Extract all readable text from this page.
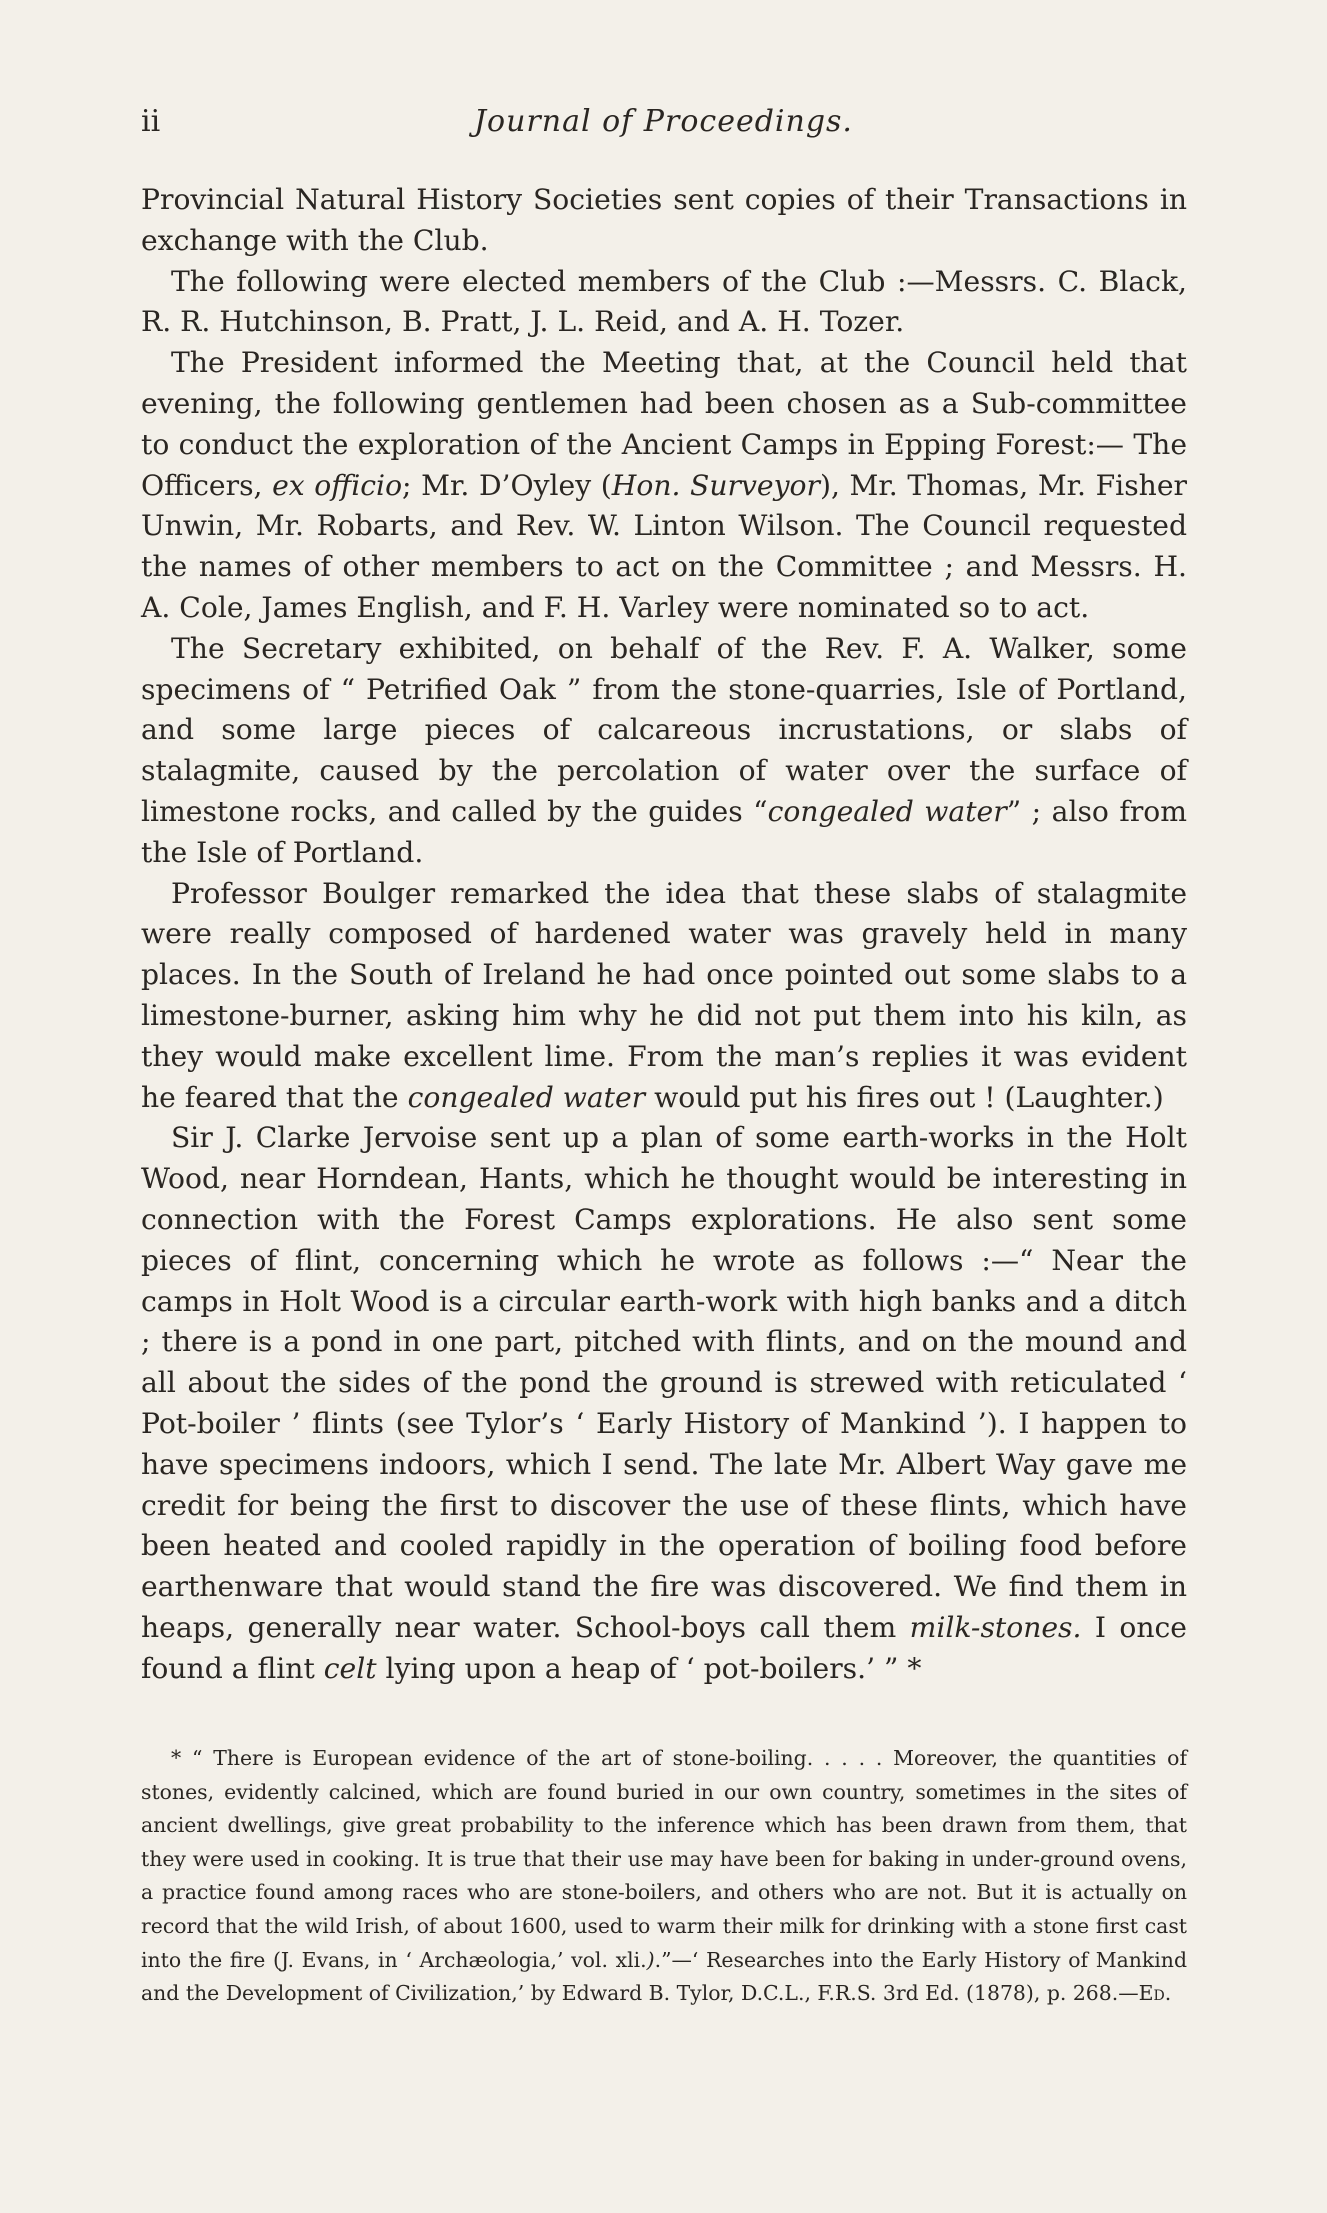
ii	Journal of Proceedings.

Provincial Natural History Societies sent copies of their Transactions in exchange with the Club.

The following were elected members of the Club :—Messrs. C. Black, R. R. Hutchinson, B. Pratt, J. L. Reid, and A. H. Tozer.

The President informed the Meeting that, at the Council held that evening, the following gentlemen had been chosen as a Sub-committee to conduct the exploration of the Ancient Camps in Epping Forest:— The Officers, ex officio; Mr. D’Oyley (Hon. Surveyor), Mr. Thomas, Mr. Fisher Unwin, Mr. Robarts, and Rev. W. Linton Wilson. The Council requested the names of other members to act on the Committee ; and Messrs. H. A. Cole, James English, and F. H. Varley were nominated so to act.

The Secretary exhibited, on behalf of the Rev. F. A. Walker, some specimens of “ Petrified Oak ” from the stone-quarries, Isle of Portland, and some large pieces of calcareous incrustations, or slabs of stalagmite, caused by the percolation of water over the surface of limestone rocks, and called by the guides “congealed water” ; also from the Isle of Portland.

Professor Boulger remarked the idea that these slabs of stalagmite were really composed of hardened water was gravely held in many places. In the South of Ireland he had once pointed out some slabs to a limestone-burner, asking him why he did not put them into his kiln, as they would make excellent lime. From the man’s replies it was evident he feared that the congealed water would put his fires out ! (Laughter.)

Sir J. Clarke Jervoise sent up a plan of some earth-works in the Holt Wood, near Horndean, Hants, which he thought would be interesting in connection with the Forest Camps explorations. He also sent some pieces of flint, concerning which he wrote as follows :—“ Near the camps in Holt Wood is a circular earth-work with high banks and a ditch ; there is a pond in one part, pitched with flints, and on the mound and all about the sides of the pond the ground is strewed with reticulated ‘ Pot-boiler ’ flints (see Tylor’s ‘ Early History of Mankind ’). I happen to have specimens indoors, which I send. The late Mr. Albert Way gave me credit for being the first to discover the use of these flints, which have been heated and cooled rapidly in the operation of boiling food before earthenware that would stand the fire was discovered. We find them in heaps, generally near water. School-boys call them milk-stones. I once found a flint celt lying upon a heap of ‘ pot-boilers.’ ” *

* “ There is European evidence of the art of stone-boiling. . . . . Moreover, the quantities of stones, evidently calcined, which are found buried in our own country, sometimes in the sites of ancient dwellings, give great probability to the inference which has been drawn from them, that they were used in cooking. It is true that their use may have been for baking in under-ground ovens, a practice found among races who are stone-boilers, and others who are not. But it is actually on record that the wild Irish, of about 1600, used to warm their milk for drinking with a stone first cast into the fire (J. Evans, in ‘ Archæologia,’ vol. xli.).”—‘ Researches into the Early History of Mankind and the Development of Civilization,’ by Edward B. Tylor, D.C.L., F.R.S. 3rd Ed. (1878), p. 268.—Ed.
